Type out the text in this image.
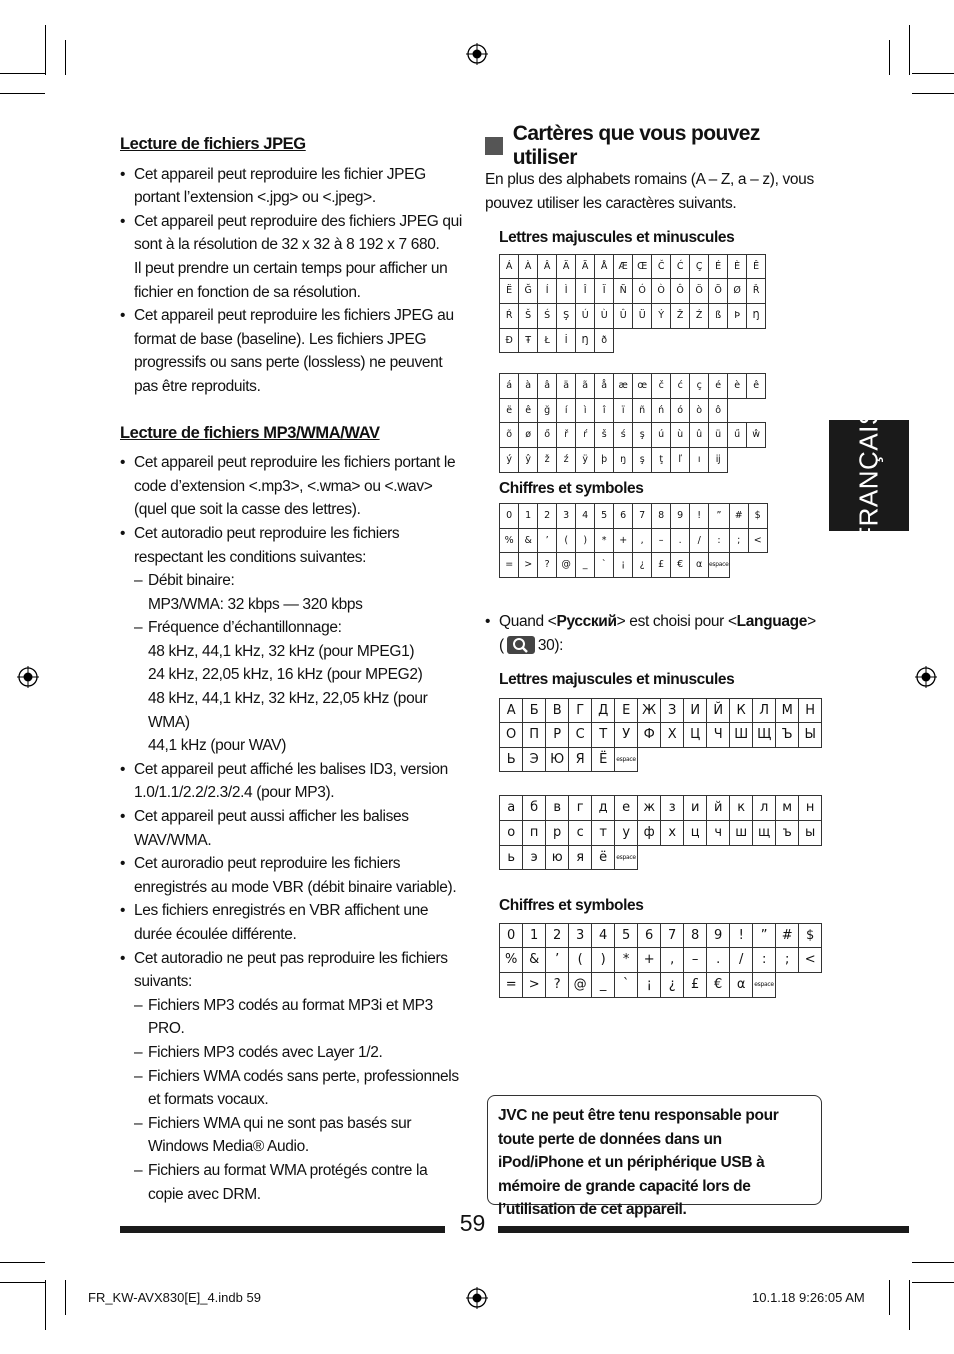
Lecture de fichiers JPEG
• Cet appareil peut reproduire les fichier JPEG portant l’extension <.jpg> ou <.jpeg>.
• Cet appareil peut reproduire des fichiers JPEG qui sont à la résolution de 32 x 32 à 8 192 x 7 680.
Il peut prendre un certain temps pour afficher un fichier en fonction de sa résolution.
• Cet appareil peut reproduire les fichiers JPEG au format de base (baseline). Les fichiers JPEG progressifs ou sans perte (lossless) ne peuvent pas être reproduits.
Lecture de fichiers MP3/WMA/WAV
• Cet appareil peut reproduire les fichiers portant le code d’extension <.mp3>, <.wma> ou <.wav> (quel que soit la casse des lettres).
• Cet autoradio peut reproduire les fichiers respectant les conditions suivantes:
– Débit binaire:
MP3/WMA: 32 kbps — 320 kbps
– Fréquence d’échantillonnage:
48 kHz, 44,1 kHz, 32 kHz (pour MPEG1)
24 kHz, 22,05 kHz, 16 kHz (pour MPEG2)
48 kHz, 44,1 kHz, 32 kHz, 22,05 kHz (pour WMA)
44,1 kHz (pour WAV)
• Cet appareil peut affiché les balises ID3, version 1.0/1.1/2.2/2.3/2.4 (pour MP3).
• Cet appareil peut aussi afficher les balises WAV/WMA.
• Cet auroradio peut reproduire les fichiers enregistrés au mode VBR (débit binaire variable).
• Les fichiers enregistrés en VBR affichent une durée écoulée différente.
• Cet autoradio ne peut pas reproduire les fichiers suivants:
– Fichiers MP3 codés au format MP3i et MP3 PRO.
– Fichiers MP3 codés avec Layer 1/2.
– Fichiers WMA codés sans perte, professionnels et formats vocaux.
– Fichiers WMA qui ne sont pas basés sur Windows Media® Audio.
– Fichiers au format WMA protégés contre la copie avec DRM.
Cartères que vous pouvez utiliser
En plus des alphabets romains (A – Z, a – z), vous pouvez utiliser les caractères suivants.
Lettres majuscules et minuscules
Á	À	Â	Ä	Ã	Å	Æ	Œ	Č	Ć	Ç	É	È	Ê
Ë	Ğ	Í	Ì	Î	Ï	Ñ	Ó	Ò	Ô	Ö	Õ	Ø	Ř
Ŕ	Š	Ś	Ş	Ú	Ù	Û	Ü	Ý	Ž	Ź	ß	Þ	Ŋ
Đ	Ŧ	Ł	İ	Ŋ	ð								
á	à	â	ä	ã	å	æ	œ	č	ć	ç	é	è	ê
ë	ê	ğ	í	ì	î	ï	ñ	ń	ó	ò	ô		
õ	ø	ő	ř	ŕ	š	ś	ş	ú	ù	û	ü	ű	ŵ
ý	ŷ	ž	ź	ÿ	þ	ŋ	ş	ţ	ľ	ı	ij		
Chiffres et symboles
0	1	2	3	4	5	6	7	8	9	!	”	#	$
%	&	’	(	)	*	+	,	–	.	/	:	;	<
=	>	?	@	_	`	¡	¿	£	€	α	espace		
• Quand <Русский> est choisi pour <Language>
( 30):
Lettres majuscules et minuscules
А	Б	В	Г	Д	Е	Ж	З	И	Й	К	Л	М	Н
О	П	Р	С	Т	У	Ф	Х	Ц	Ч	Ш	Щ	Ъ	Ы
Ь	Э	Ю	Я	Ё	espace								
а	б	в	г	д	е	ж	з	и	й	к	л	м	н
о	п	р	с	т	у	ф	х	ц	ч	ш	щ	ъ	ы
ь	э	ю	я	ё	espace								
Chiffres et symboles
0	1	2	3	4	5	6	7	8	9	!	”	#	$
%	&	’	(	)	*	+	,	–	.	/	:	;	<
=	>	?	@	_	`	¡	¿	£	€	α	espace		
FRANÇAIS
JVC ne peut être tenu responsable pour toute perte de données dans un iPod/iPhone et un périphérique USB à mémoire de grande capacité lors de l’utilisation de cet appareil.
59
FR_KW-AVX830[E]_4.indb 59	10.1.18 9:26:05 AM
